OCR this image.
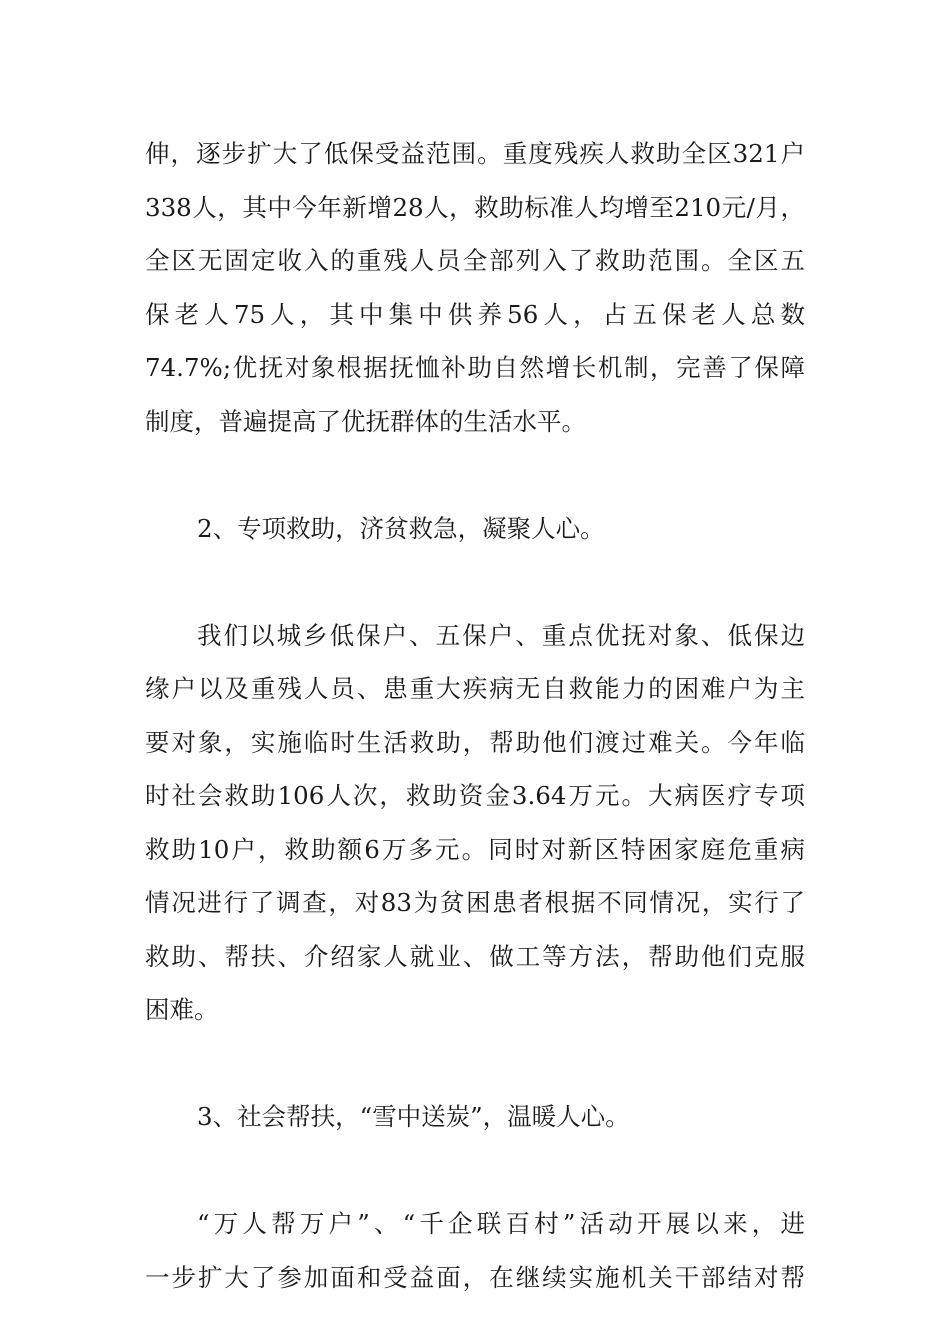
伸，逐步扩大了低保受益范围。重度残疾人救助全区321户
338人，其中今年新增28人，救助标准人均增至210元/月，
全区无固定收入的重残人员全部列入了救助范围。全区五
保老人75人，其中集中供养56人，占五保老人总数
74.7%;优抚对象根据抚恤补助自然增长机制，完善了保障
制度，普遍提高了优抚群体的生活水平。
2、专项救助，济贫救急，凝聚人心。
我们以城乡低保户、五保户、重点优抚对象、低保边
缘户以及重残人员、患重大疾病无自救能力的困难户为主
要对象，实施临时生活救助，帮助他们渡过难关。今年临
时社会救助106人次，救助资金3.64万元。大病医疗专项
救助10户，救助额6万多元。同时对新区特困家庭危重病
情况进行了调查，对83为贫困患者根据不同情况，实行了
救助、帮扶、介绍家人就业、做工等方法，帮助他们克服
困难。
3、社会帮扶，“雪中送炭”，温暖人心。
“万人帮万户”、“千企联百村”活动开展以来，进
一步扩大了参加面和受益面，在继续实施机关干部结对帮
